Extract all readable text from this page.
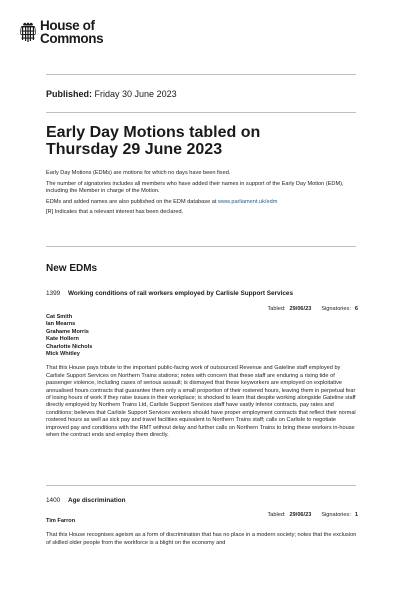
House of
Commons
Published: Friday 30 June 2023
Early Day Motions tabled on
Thursday 29 June 2023

Early Day Motions (EDMs) are motions for which no days have been fixed.

The number of signatories includes all members who have added their names in support of the Early Day Motion (EDM), including the Member in charge of the Motion.

EDMs and added names are also published on the EDM database at www.parliament.uk/edm

[R] Indicates that a relevant interest has been declared.

New EDMs
1399	Working conditions of rail workers employed by Carlisle Support Services
Tabled: 29/06/23 Signatories: 6
Cat Smith
Ian Mearns
Grahame Morris
Kate Hollern
Charlotte Nichols
Mick Whitley
That this House pays tribute to the important public-facing work of outsourced Revenue and Gateline staff employed by Carlisle Support Services on Northern Trains stations; notes with concern that these staff are enduring a rising tide of passenger violence, including cases of serious assault; is dismayed that these keyworkers are employed on exploitative annualised hours contracts that guarantee them only a small proportion of their rostered hours, leaving them in perpetual fear of losing hours of work if they raise issues in their workplace; is shocked to learn that despite working alongside Gateline staff directly employed by Northern Trains Ltd, Carlisle Support Services staff have vastly inferior contracts, pay rates and conditions; believes that Carlisle Support Services workers should have proper employment contracts that reflect their normal rostered hours as well as sick pay and travel facilities equivalent to Northern Trains staff; calls on Carlisle to negotiate improved pay and conditions with the RMT without delay and further calls on Northern Trains to bring these workers in-house when the contract ends and employ them directly.
1400	Age discrimination
Tabled: 29/06/23 Signatories: 1
Tim Farron
That this House recognises ageism as a form of discrimination that has no place in a modern society; notes that the exclusion of skilled older people from the workforce is a blight on the economy and
